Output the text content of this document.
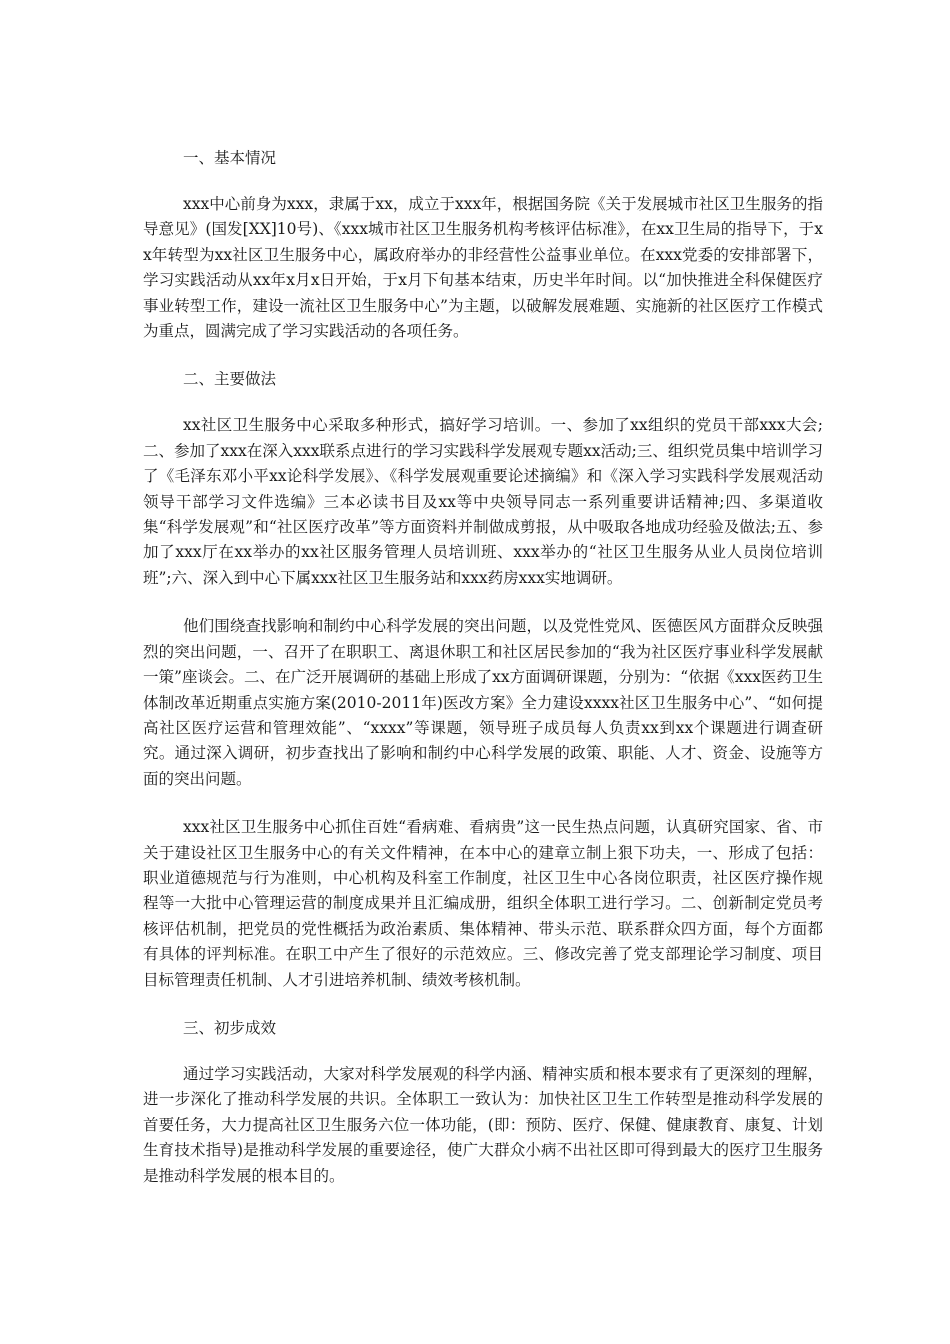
一、基本情况

xxx中心前身为xxx，隶属于xx，成立于xxx年，根据国务院《关于发展城市社区卫生服务的指导意见》(国发[XX]10号)、《xxx城市社区卫生服务机构考核评估标准》，在xx卫生局的指导下，于xx年转型为xx社区卫生服务中心，属政府举办的非经营性公益事业单位。在xxx党委的安排部署下，学习实践活动从xx年x月x日开始，于x月下旬基本结束，历史半年时间。以“加快推进全科保健医疗事业转型工作，建设一流社区卫生服务中心”为主题，以破解发展难题、实施新的社区医疗工作模式为重点，圆满完成了学习实践活动的各项任务。

二、主要做法

xx社区卫生服务中心采取多种形式，搞好学习培训。一、参加了xx组织的党员干部xxx大会;二、参加了xxx在深入xxx联系点进行的学习实践科学发展观专题xx活动;三、组织党员集中培训学习了《毛泽东邓小平xx论科学发展》、《科学发展观重要论述摘编》和《深入学习实践科学发展观活动领导干部学习文件选编》三本必读书目及xx等中央领导同志一系列重要讲话精神;四、多渠道收集“科学发展观”和“社区医疗改革”等方面资料并制做成剪报，从中吸取各地成功经验及做法;五、参加了xxx厅在xx举办的xx社区服务管理人员培训班、xxx举办的“社区卫生服务从业人员岗位培训班”;六、深入到中心下属xxx社区卫生服务站和xxx药房xxx实地调研。

他们围绕查找影响和制约中心科学发展的突出问题，以及党性党风、医德医风方面群众反映强烈的突出问题，一、召开了在职职工、离退休职工和社区居民参加的“我为社区医疗事业科学发展献一策”座谈会。二、在广泛开展调研的基础上形成了xx方面调研课题，分别为：“依据《xxx医药卫生体制改革近期重点实施方案(2010-2011年)医改方案》全力建设xxxx社区卫生服务中心”、“如何提高社区医疗运营和管理效能”、“xxxx”等课题，领导班子成员每人负责xx到xx个课题进行调查研究。通过深入调研，初步查找出了影响和制约中心科学发展的政策、职能、人才、资金、设施等方面的突出问题。

xxx社区卫生服务中心抓住百姓“看病难、看病贵”这一民生热点问题，认真研究国家、省、市关于建设社区卫生服务中心的有关文件精神，在本中心的建章立制上狠下功夫，一、形成了包括：职业道德规范与行为准则，中心机构及科室工作制度，社区卫生中心各岗位职责，社区医疗操作规程等一大批中心管理运营的制度成果并且汇编成册，组织全体职工进行学习。二、创新制定党员考核评估机制，把党员的党性概括为政治素质、集体精神、带头示范、联系群众四方面，每个方面都有具体的评判标准。在职工中产生了很好的示范效应。三、修改完善了党支部理论学习制度、项目目标管理责任机制、人才引进培养机制、绩效考核机制。

三、初步成效

通过学习实践活动，大家对科学发展观的科学内涵、精神实质和根本要求有了更深刻的理解，进一步深化了推动科学发展的共识。全体职工一致认为：加快社区卫生工作转型是推动科学发展的首要任务，大力提高社区卫生服务六位一体功能，(即：预防、医疗、保健、健康教育、康复、计划生育技术指导)是推动科学发展的重要途径，使广大群众小病不出社区即可得到最大的医疗卫生服务是推动科学发展的根本目的。
